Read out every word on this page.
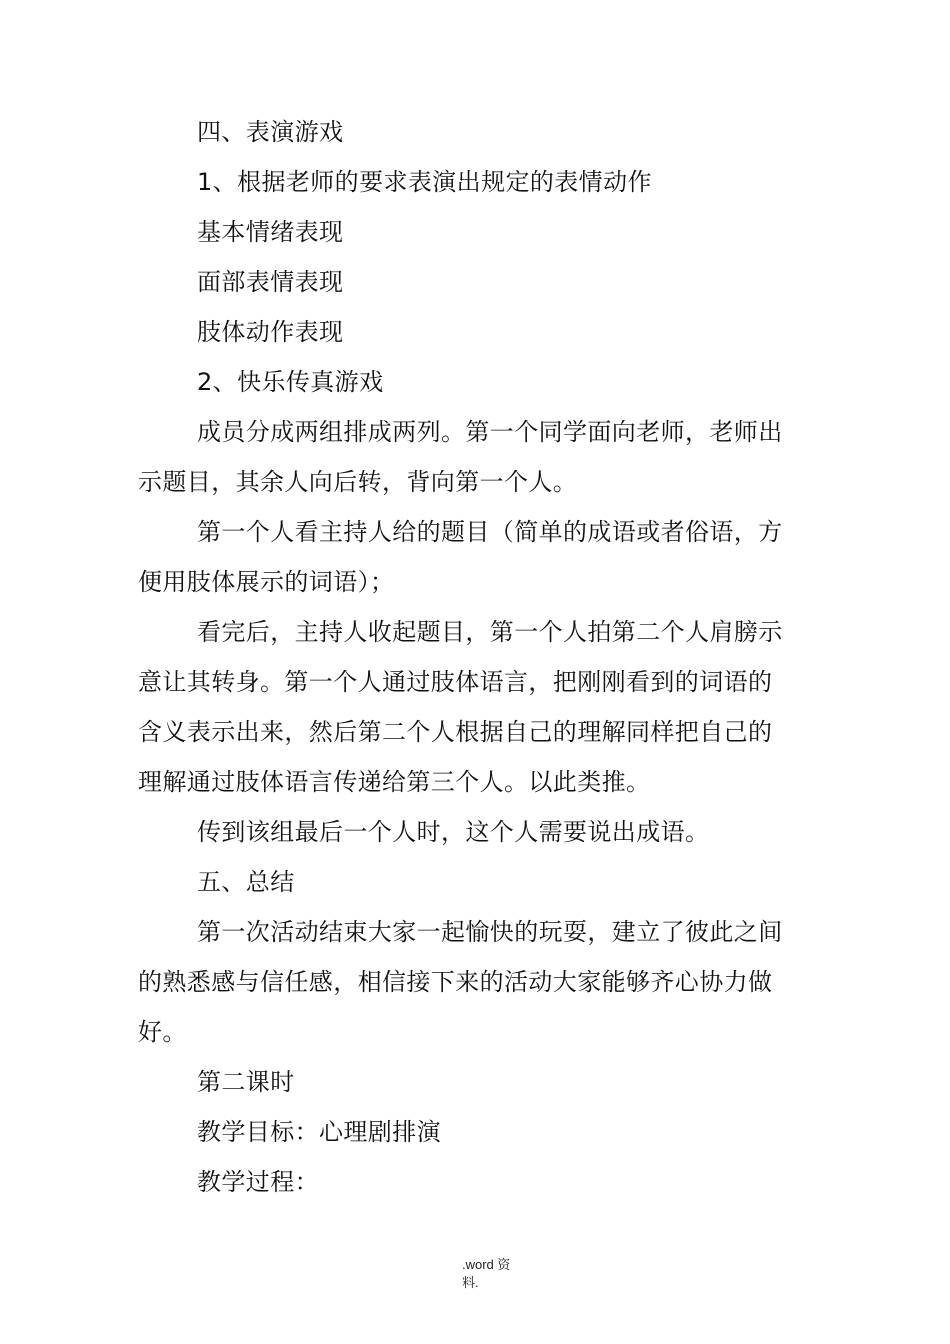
四、表演游戏
1、根据老师的要求表演出规定的表情动作
基本情绪表现
面部表情表现
肢体动作表现
2、快乐传真游戏
成员分成两组排成两列。第一个同学面向老师，老师出
示题目，其余人向后转，背向第一个人。
第一个人看主持人给的题目（简单的成语或者俗语，方
便用肢体展示的词语）；
看完后，主持人收起题目，第一个人拍第二个人肩膀示
意让其转身。第一个人通过肢体语言，把刚刚看到的词语的
含义表示出来，然后第二个人根据自己的理解同样把自己的
理解通过肢体语言传递给第三个人。以此类推。
传到该组最后一个人时，这个人需要说出成语。
五、总结
第一次活动结束大家一起愉快的玩耍，建立了彼此之间
的熟悉感与信任感，相信接下来的活动大家能够齐心协力做
好。
第二课时
教学目标：心理剧排演
教学过程：
.word 资
料.
